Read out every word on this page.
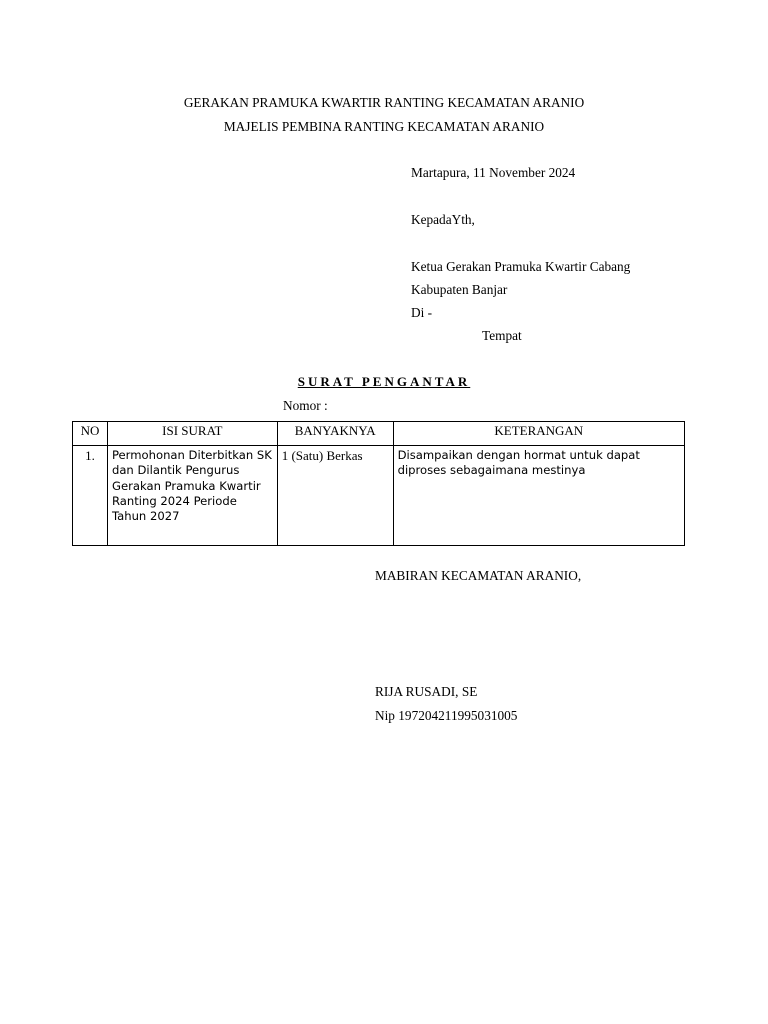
GERAKAN PRAMUKA KWARTIR RANTING KECAMATAN ARANIO
MAJELIS PEMBINA RANTING KECAMATAN ARANIO
Martapura, 11 November 2024
KepadaYth,
Ketua Gerakan Pramuka Kwartir Cabang
Kabupaten Banjar
Di -
Tempat
SURAT PENGANTAR
Nomor :
NO	ISI SURAT	BANYAKNYA	KETERANGAN
1.	Permohonan Diterbitkan SK dan Dilantik Pengurus Gerakan Pramuka Kwartir Ranting 2024 Periode Tahun 2027	1 (Satu) Berkas	Disampaikan dengan hormat untuk dapat diproses sebagaimana mestinya
MABIRAN KECAMATAN ARANIO,
RIJA RUSADI, SE
Nip 197204211995031005
